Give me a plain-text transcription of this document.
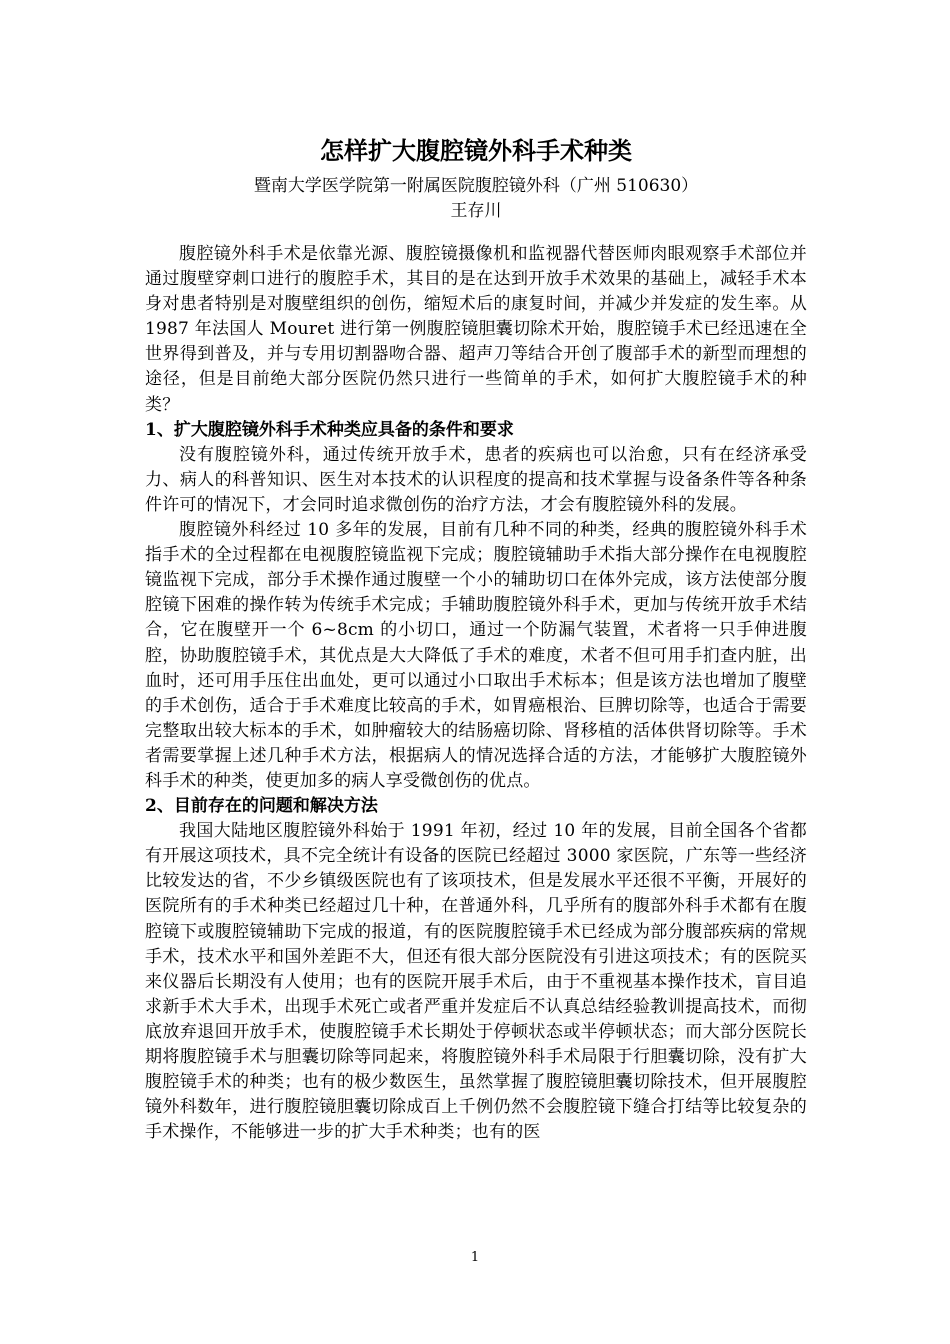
怎样扩大腹腔镜外科手术种类

暨南大学医学院第一附属医院腹腔镜外科（广州 510630）

王存川

腹腔镜外科手术是依靠光源、腹腔镜摄像机和监视器代替医师肉眼观察手术部位并通过腹壁穿刺口进行的腹腔手术，其目的是在达到开放手术效果的基础上，减轻手术本身对患者特别是对腹壁组织的创伤，缩短术后的康复时间，并减少并发症的发生率。从 1987 年法国人 Mouret 进行第一例腹腔镜胆囊切除术开始，腹腔镜手术已经迅速在全世界得到普及，并与专用切割器吻合器、超声刀等结合开创了腹部手术的新型而理想的途径，但是目前绝大部分医院仍然只进行一些简单的手术，如何扩大腹腔镜手术的种类？

1、扩大腹腔镜外科手术种类应具备的条件和要求

没有腹腔镜外科，通过传统开放手术，患者的疾病也可以治愈，只有在经济承受力、病人的科普知识、医生对本技术的认识程度的提高和技术掌握与设备条件等各种条件许可的情况下，才会同时追求微创伤的治疗方法，才会有腹腔镜外科的发展。

腹腔镜外科经过 10 多年的发展，目前有几种不同的种类，经典的腹腔镜外科手术指手术的全过程都在电视腹腔镜监视下完成；腹腔镜辅助手术指大部分操作在电视腹腔镜监视下完成，部分手术操作通过腹壁一个小的辅助切口在体外完成，该方法使部分腹腔镜下困难的操作转为传统手术完成；手辅助腹腔镜外科手术，更加与传统开放手术结合，它在腹壁开一个 6~8cm 的小切口，通过一个防漏气装置，术者将一只手伸进腹腔，协助腹腔镜手术，其优点是大大降低了手术的难度，术者不但可用手扪查内脏，出血时，还可用手压住出血处，更可以通过小口取出手术标本；但是该方法也增加了腹壁的手术创伤，适合于手术难度比较高的手术，如胃癌根治、巨脾切除等，也适合于需要完整取出较大标本的手术，如肿瘤较大的结肠癌切除、肾移植的活体供肾切除等。手术者需要掌握上述几种手术方法，根据病人的情况选择合适的方法，才能够扩大腹腔镜外科手术的种类，使更加多的病人享受微创伤的优点。

2、目前存在的问题和解决方法

我国大陆地区腹腔镜外科始于 1991 年初，经过 10 年的发展，目前全国各个省都有开展这项技术，具不完全统计有设备的医院已经超过 3000 家医院，广东等一些经济比较发达的省，不少乡镇级医院也有了该项技术，但是发展水平还很不平衡，开展好的医院所有的手术种类已经超过几十种，在普通外科，几乎所有的腹部外科手术都有在腹腔镜下或腹腔镜辅助下完成的报道，有的医院腹腔镜手术已经成为部分腹部疾病的常规手术，技术水平和国外差距不大，但还有很大部分医院没有引进这项技术；有的医院买来仪器后长期没有人使用；也有的医院开展手术后，由于不重视基本操作技术，盲目追求新手术大手术，出现手术死亡或者严重并发症后不认真总结经验教训提高技术，而彻底放弃退回开放手术，使腹腔镜手术长期处于停顿状态或半停顿状态；而大部分医院长期将腹腔镜手术与胆囊切除等同起来，将腹腔镜外科手术局限于行胆囊切除，没有扩大腹腔镜手术的种类；也有的极少数医生，虽然掌握了腹腔镜胆囊切除技术，但开展腹腔镜外科数年，进行腹腔镜胆囊切除成百上千例仍然不会腹腔镜下缝合打结等比较复杂的手术操作，不能够进一步的扩大手术种类；也有的医

1
